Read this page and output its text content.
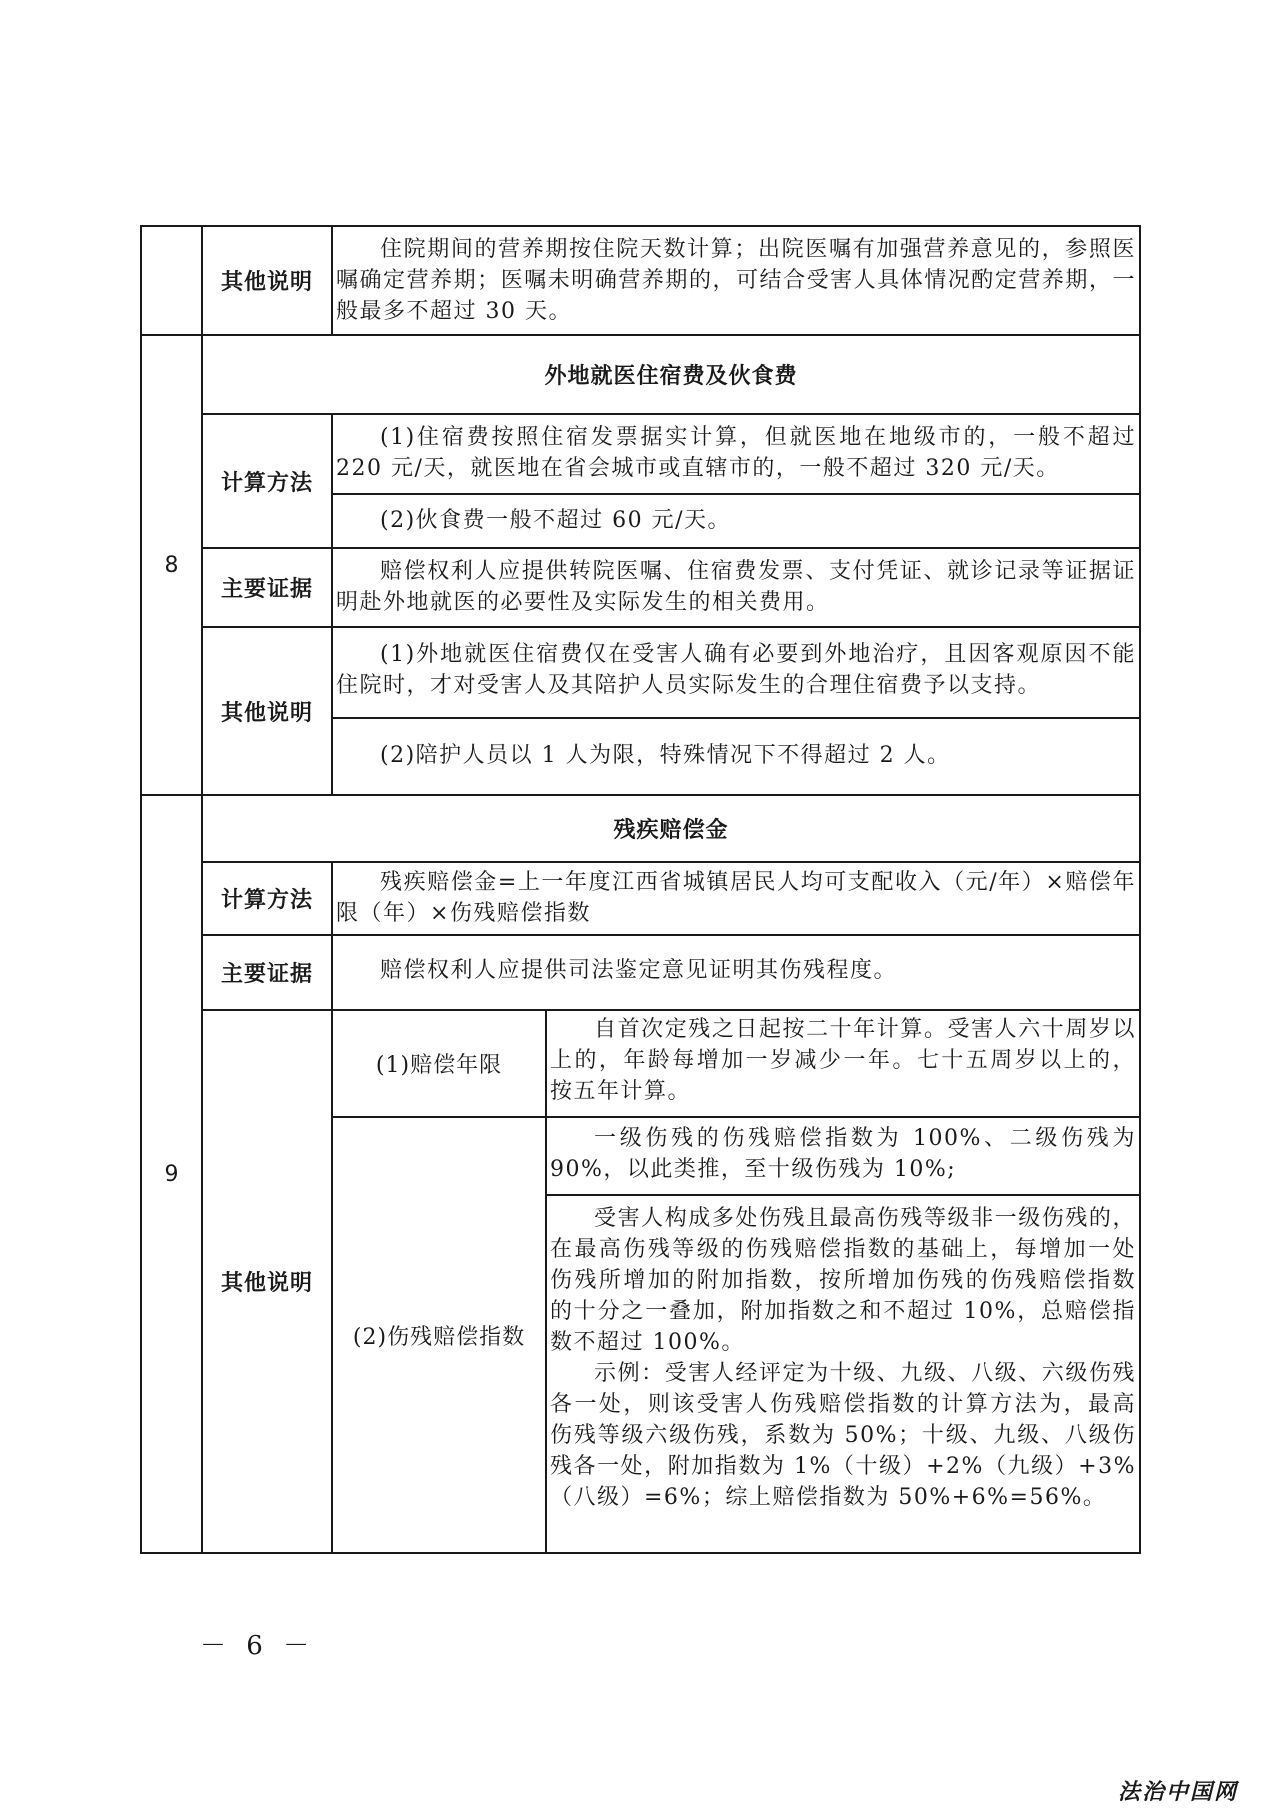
其他说明

住院期间的营养期按住院天数计算；出院医嘱有加强营养意见的，参照医嘱确定营养期；医嘱未明确营养期的，可结合受害人具体情况酌定营养期，一般最多不超过 30 天。

8
外地就医住宿费及伙食费
计算方法

(1)住宿费按照住宿发票据实计算，但就医地在地级市的，一般不超过 220 元/天，就医地在省会城市或直辖市的，一般不超过 320 元/天。

(2)伙食费一般不超过 60 元/天。

主要证据

赔偿权利人应提供转院医嘱、住宿费发票、支付凭证、就诊记录等证据证明赴外地就医的必要性及实际发生的相关费用。

其他说明

(1)外地就医住宿费仅在受害人确有必要到外地治疗，且因客观原因不能住院时，才对受害人及其陪护人员实际发生的合理住宿费予以支持。

(2)陪护人员以 1 人为限，特殊情况下不得超过 2 人。

9
残疾赔偿金
计算方法

残疾赔偿金=上一年度江西省城镇居民人均可支配收入（元/年）×赔偿年限（年）×伤残赔偿指数

主要证据	赔偿权利人应提供司法鉴定意见证明其伤残程度。

其他说明
(1)赔偿年限

自首次定残之日起按二十年计算。受害人六十周岁以上的，年龄每增加一岁减少一年。七十五周岁以上的，按五年计算。

(2)伤残赔偿指数

一级伤残的伤残赔偿指数为 100%、二级伤残为 90%，以此类推，至十级伤残为 10%;

受害人构成多处伤残且最高伤残等级非一级伤残的，在最高伤残等级的伤残赔偿指数的基础上，每增加一处伤残所增加的附加指数，按所增加伤残的伤残赔偿指数的十分之一叠加，附加指数之和不超过 10%，总赔偿指数不超过 100%。

示例：受害人经评定为十级、九级、八级、六级伤残各一处，则该受害人伤残赔偿指数的计算方法为，最高伤残等级六级伤残，系数为 50%；十级、九级、八级伤残各一处，附加指数为 1%（十级）+2%（九级）+3%（八级）=6%；综上赔偿指数为 50%+6%=56%。

－ 6 －
法治中国网
